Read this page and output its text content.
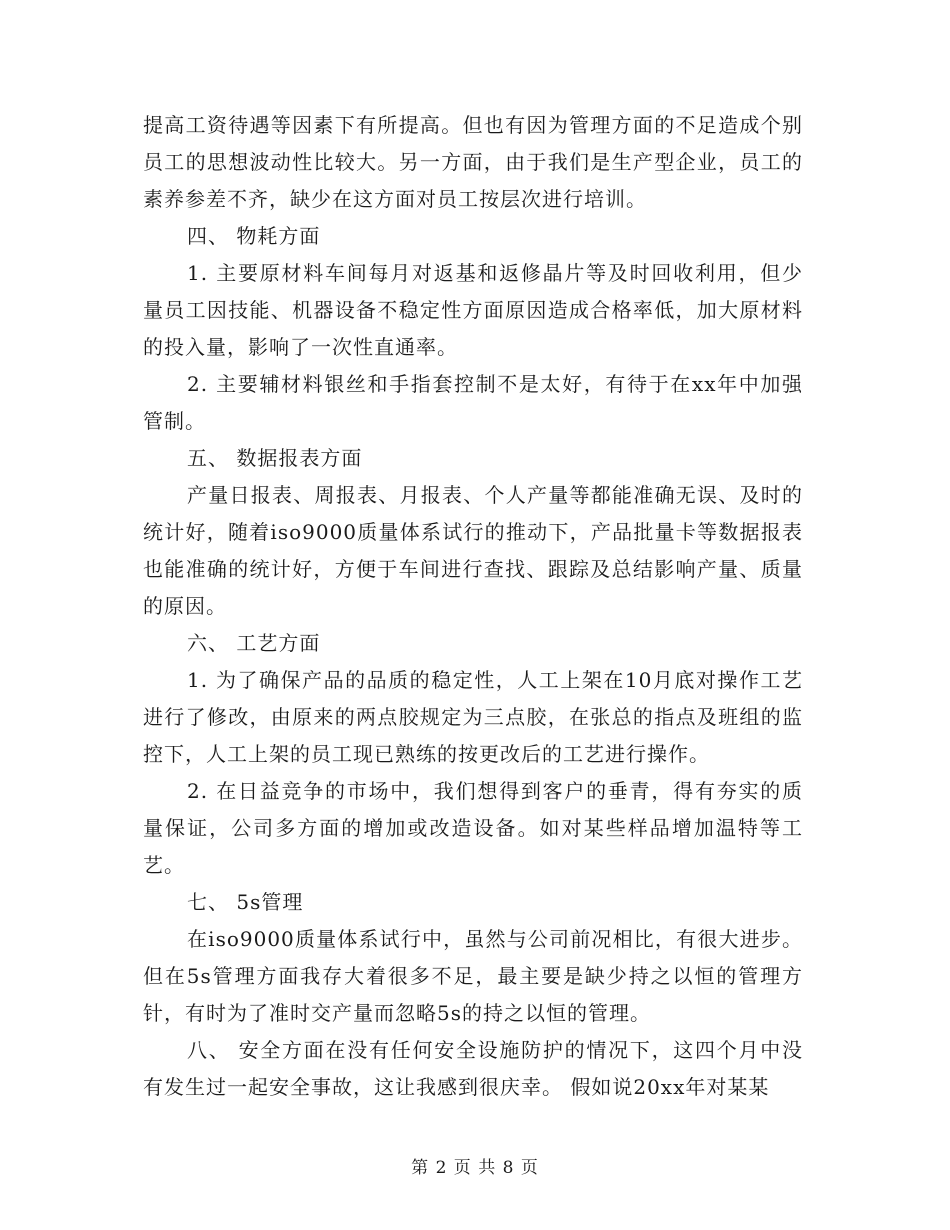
提高工资待遇等因素下有所提高。但也有因为管理方面的不足造成个别员工的思想波动性比较大。另一方面，由于我们是生产型企业，员工的素养参差不齐，缺少在这方面对员工按层次进行培训。

四、 物耗方面

1. 主要原材料车间每月对返基和返修晶片等及时回收利用，但少量员工因技能、机器设备不稳定性方面原因造成合格率低，加大原材料的投入量，影响了一次性直通率。

2. 主要辅材料银丝和手指套控制不是太好，有待于在xx年中加强管制。

五、 数据报表方面

产量日报表、周报表、月报表、个人产量等都能准确无误、及时的统计好，随着iso9000质量体系试行的推动下，产品批量卡等数据报表也能准确的统计好，方便于车间进行查找、跟踪及总结影响产量、质量的原因。

六、 工艺方面

1. 为了确保产品的品质的稳定性，人工上架在10月底对操作工艺进行了修改，由原来的两点胶规定为三点胶，在张总的指点及班组的监控下，人工上架的员工现已熟练的按更改后的工艺进行操作。

2. 在日益竞争的市场中，我们想得到客户的垂青，得有夯实的质量保证，公司多方面的增加或改造设备。如对某些样品增加温特等工艺。

七、 5s管理

在iso9000质量体系试行中，虽然与公司前况相比，有很大进步。但在5s管理方面我存大着很多不足，最主要是缺少持之以恒的管理方针，有时为了准时交产量而忽略5s的持之以恒的管理。

八、 安全方面在没有任何安全设施防护的情况下，这四个月中没有发生过一起安全事故，这让我感到很庆幸。 假如说20xx年对某某

第 2 页 共 8 页
